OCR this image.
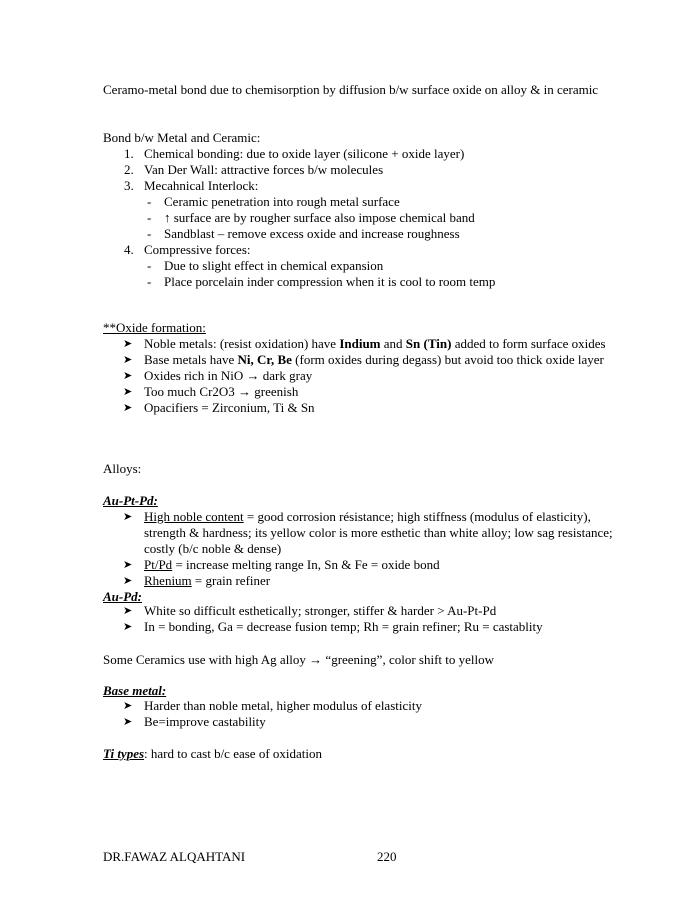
Ceramo-metal bond due to chemisorption by diffusion b/w surface oxide on alloy & in ceramic
Bond b/w Metal and Ceramic:
1. Chemical bonding: due to oxide layer (silicone + oxide layer)
2. Van Der Wall: attractive forces b/w molecules
3. Mecahnical Interlock:
- Ceramic penetration into rough metal surface
- ↑ surface are by rougher surface also impose chemical band
- Sandblast – remove excess oxide and increase roughness
4. Compressive forces:
- Due to slight effect in chemical expansion
- Place porcelain inder compression when it is cool to room temp
**Oxide formation:
➤ Noble metals: (resist oxidation) have Indium and Sn (Tin) added to form surface oxides
➤ Base metals have Ni, Cr, Be (form oxides during degass) but avoid too thick oxide layer
➤ Oxides rich in NiO → dark gray
➤ Too much Cr2O3 → greenish
➤ Opacifiers = Zirconium, Ti & Sn
Alloys:
Au-Pt-Pd:
➤ High noble content = good corrosion résistance; high stiffness (modulus of elasticity), strength & hardness; its yellow color is more esthetic than white alloy; low sag resistance; costly (b/c noble & dense)
➤ Pt/Pd = increase melting range In, Sn & Fe = oxide bond
➤ Rhenium = grain refiner
Au-Pd:
➤ White so difficult esthetically; stronger, stiffer & harder > Au-Pt-Pd
➤ In = bonding, Ga = decrease fusion temp; Rh = grain refiner; Ru = castablity
Some Ceramics use with high Ag alloy → “greening”, color shift to yellow
Base metal:
➤ Harder than noble metal, higher modulus of elasticity
➤ Be=improve castability
Ti types: hard to cast b/c ease of oxidation
DR.FAWAZ ALQAHTANI	220
